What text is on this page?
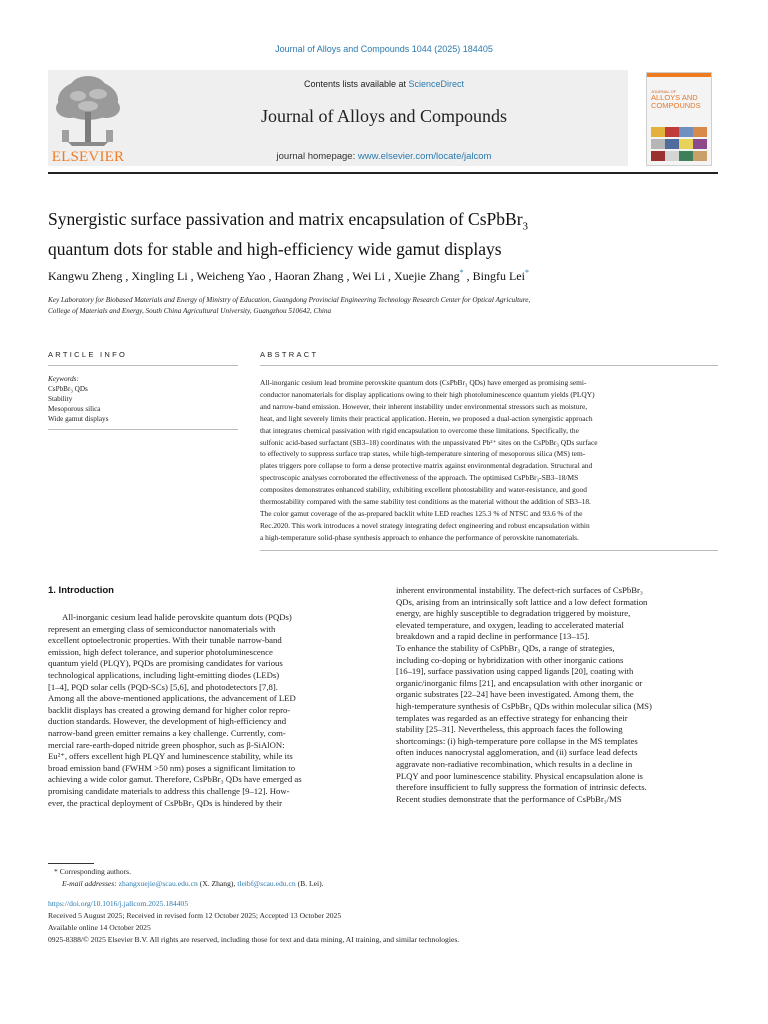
Journal of Alloys and Compounds 1044 (2025) 184405
ELSEVIER
Contents lists available at ScienceDirect
Journal of Alloys and Compounds
journal homepage: www.elsevier.com/locate/jalcom
JOURNAL OF
ALLOYS AND COMPOUNDS
Synergistic surface passivation and matrix encapsulation of CsPbBr$_3$
quantum dots for stable and high-efficiency wide gamut displays
Kangwu Zheng , Xingling Li , Weicheng Yao , Haoran Zhang , Wei Li , Xuejie Zhang* , Bingfu Lei*
Key Laboratory for Biobased Materials and Energy of Ministry of Education, Guangdong Provincial Engineering Technology Research Center for Optical Agriculture,
College of Materials and Energy, South China Agricultural University, Guangzhou 510642, China
ARTICLE INFO	ABSTRACT
Keywords:
CsPbBr₃ QDs
Stability
Mesoporous silica
Wide gamut displays
All-inorganic cesium lead bromine perovskite quantum dots (CsPbBr₃ QDs) have emerged as promising semi-
conductor nanomaterials for display applications owing to their high photoluminescence quantum yields (PLQY)
and narrow-band emission. However, their inherent instability under environmental stressors such as moisture,
heat, and light severely limits their practical application. Herein, we proposed a dual-action synergistic approach
that integrates chemical passivation with rigid encapsulation to overcome these limitations. Specifically, the
sulfonic acid-based surfactant (SB3–18) coordinates with the unpassivated Pb²⁺ sites on the CsPbBr₃ QDs surface
to effectively to suppress surface trap states, while high-temperature sintering of mesoporous silica (MS) tem-
plates triggers pore collapse to form a dense protective matrix against environmental degradation. Structural and
spectroscopic analyses corroborated the effectiveness of the approach. The optimised CsPbBr₃-SB3–18/MS
composites demonstrates enhanced stability, exhibiting excellent photostability and water-resistance, and good
thermostability compared with the same stability test conditions as the material without the addition of SB3–18.
The color gamut coverage of the as-prepared backlit white LED reaches 125.3 % of NTSC and 93.6 % of the
Rec.2020. This work introduces a novel strategy integrating defect engineering and robust encapsulation within
a high-temperature solid-phase synthesis approach to enhance the performance of perovskite nanomaterials.
1. Introduction
All-inorganic cesium lead halide perovskite quantum dots (PQDs)
represent an emerging class of semiconductor nanomaterials with
excellent optoelectronic properties. With their tunable narrow-band
emission, high defect tolerance, and superior photoluminescence
quantum yield (PLQY), PQDs are promising candidates for various
technological applications, including light-emitting diodes (LEDs)
[1–4], PQD solar cells (PQD-SCs) [5,6], and photodetectors [7,8].
Among all the above-mentioned applications, the advancement of LED
backlit displays has created a growing demand for higher color repro-
duction standards. However, the development of high-efficiency and
narrow-band green emitter remains a key challenge. Currently, com-
mercial rare-earth-doped nitride green phosphor, such as β-SiAlON:
Eu²⁺, offers excellent high PLQY and luminescence stability, while its
broad emission band (FWHM >50 nm) poses a significant limitation to
achieving a wide color gamut. Therefore, CsPbBr₃ QDs have emerged as
promising candidate materials to address this challenge [9–12]. How-
ever, the practical deployment of CsPbBr₃ QDs is hindered by their
inherent environmental instability. The defect-rich surfaces of CsPbBr₃
QDs, arising from an intrinsically soft lattice and a low defect formation
energy, are highly susceptible to degradation triggered by moisture,
elevated temperature, and oxygen, leading to accelerated material
breakdown and a rapid decline in performance [13–15].
To enhance the stability of CsPbBr₃ QDs, a range of strategies,
including co-doping or hybridization with other inorganic cations
[16–19], surface passivation using capped ligands [20], coating with
organic/inorganic films [21], and encapsulation with other inorganic or
organic substrates [22–24] have been investigated. Among them, the
high-temperature synthesis of CsPbBr₃ QDs within molecular silica (MS)
templates was regarded as an effective strategy for enhancing their
stability [25–31]. Nevertheless, this approach faces the following
shortcomings: (i) high-temperature pore collapse in the MS templates
often induces nanocrystal agglomeration, and (ii) surface lead defects
aggravate non-radiative recombination, which results in a decline in
PLQY and poor luminescence stability. Physical encapsulation alone is
therefore insufficient to fully suppress the formation of intrinsic defects.
Recent studies demonstrate that the performance of CsPbBr₃/MS
* Corresponding authors.
E-mail addresses: zhangxuejie@scau.edu.cn (X. Zhang), tleibf@scau.edu.cn (B. Lei).
https://doi.org/10.1016/j.jallcom.2025.184405
Received 5 August 2025; Received in revised form 12 October 2025; Accepted 13 October 2025
Available online 14 October 2025
0925-8388/© 2025 Elsevier B.V. All rights are reserved, including those for text and data mining, AI training, and similar technologies.
